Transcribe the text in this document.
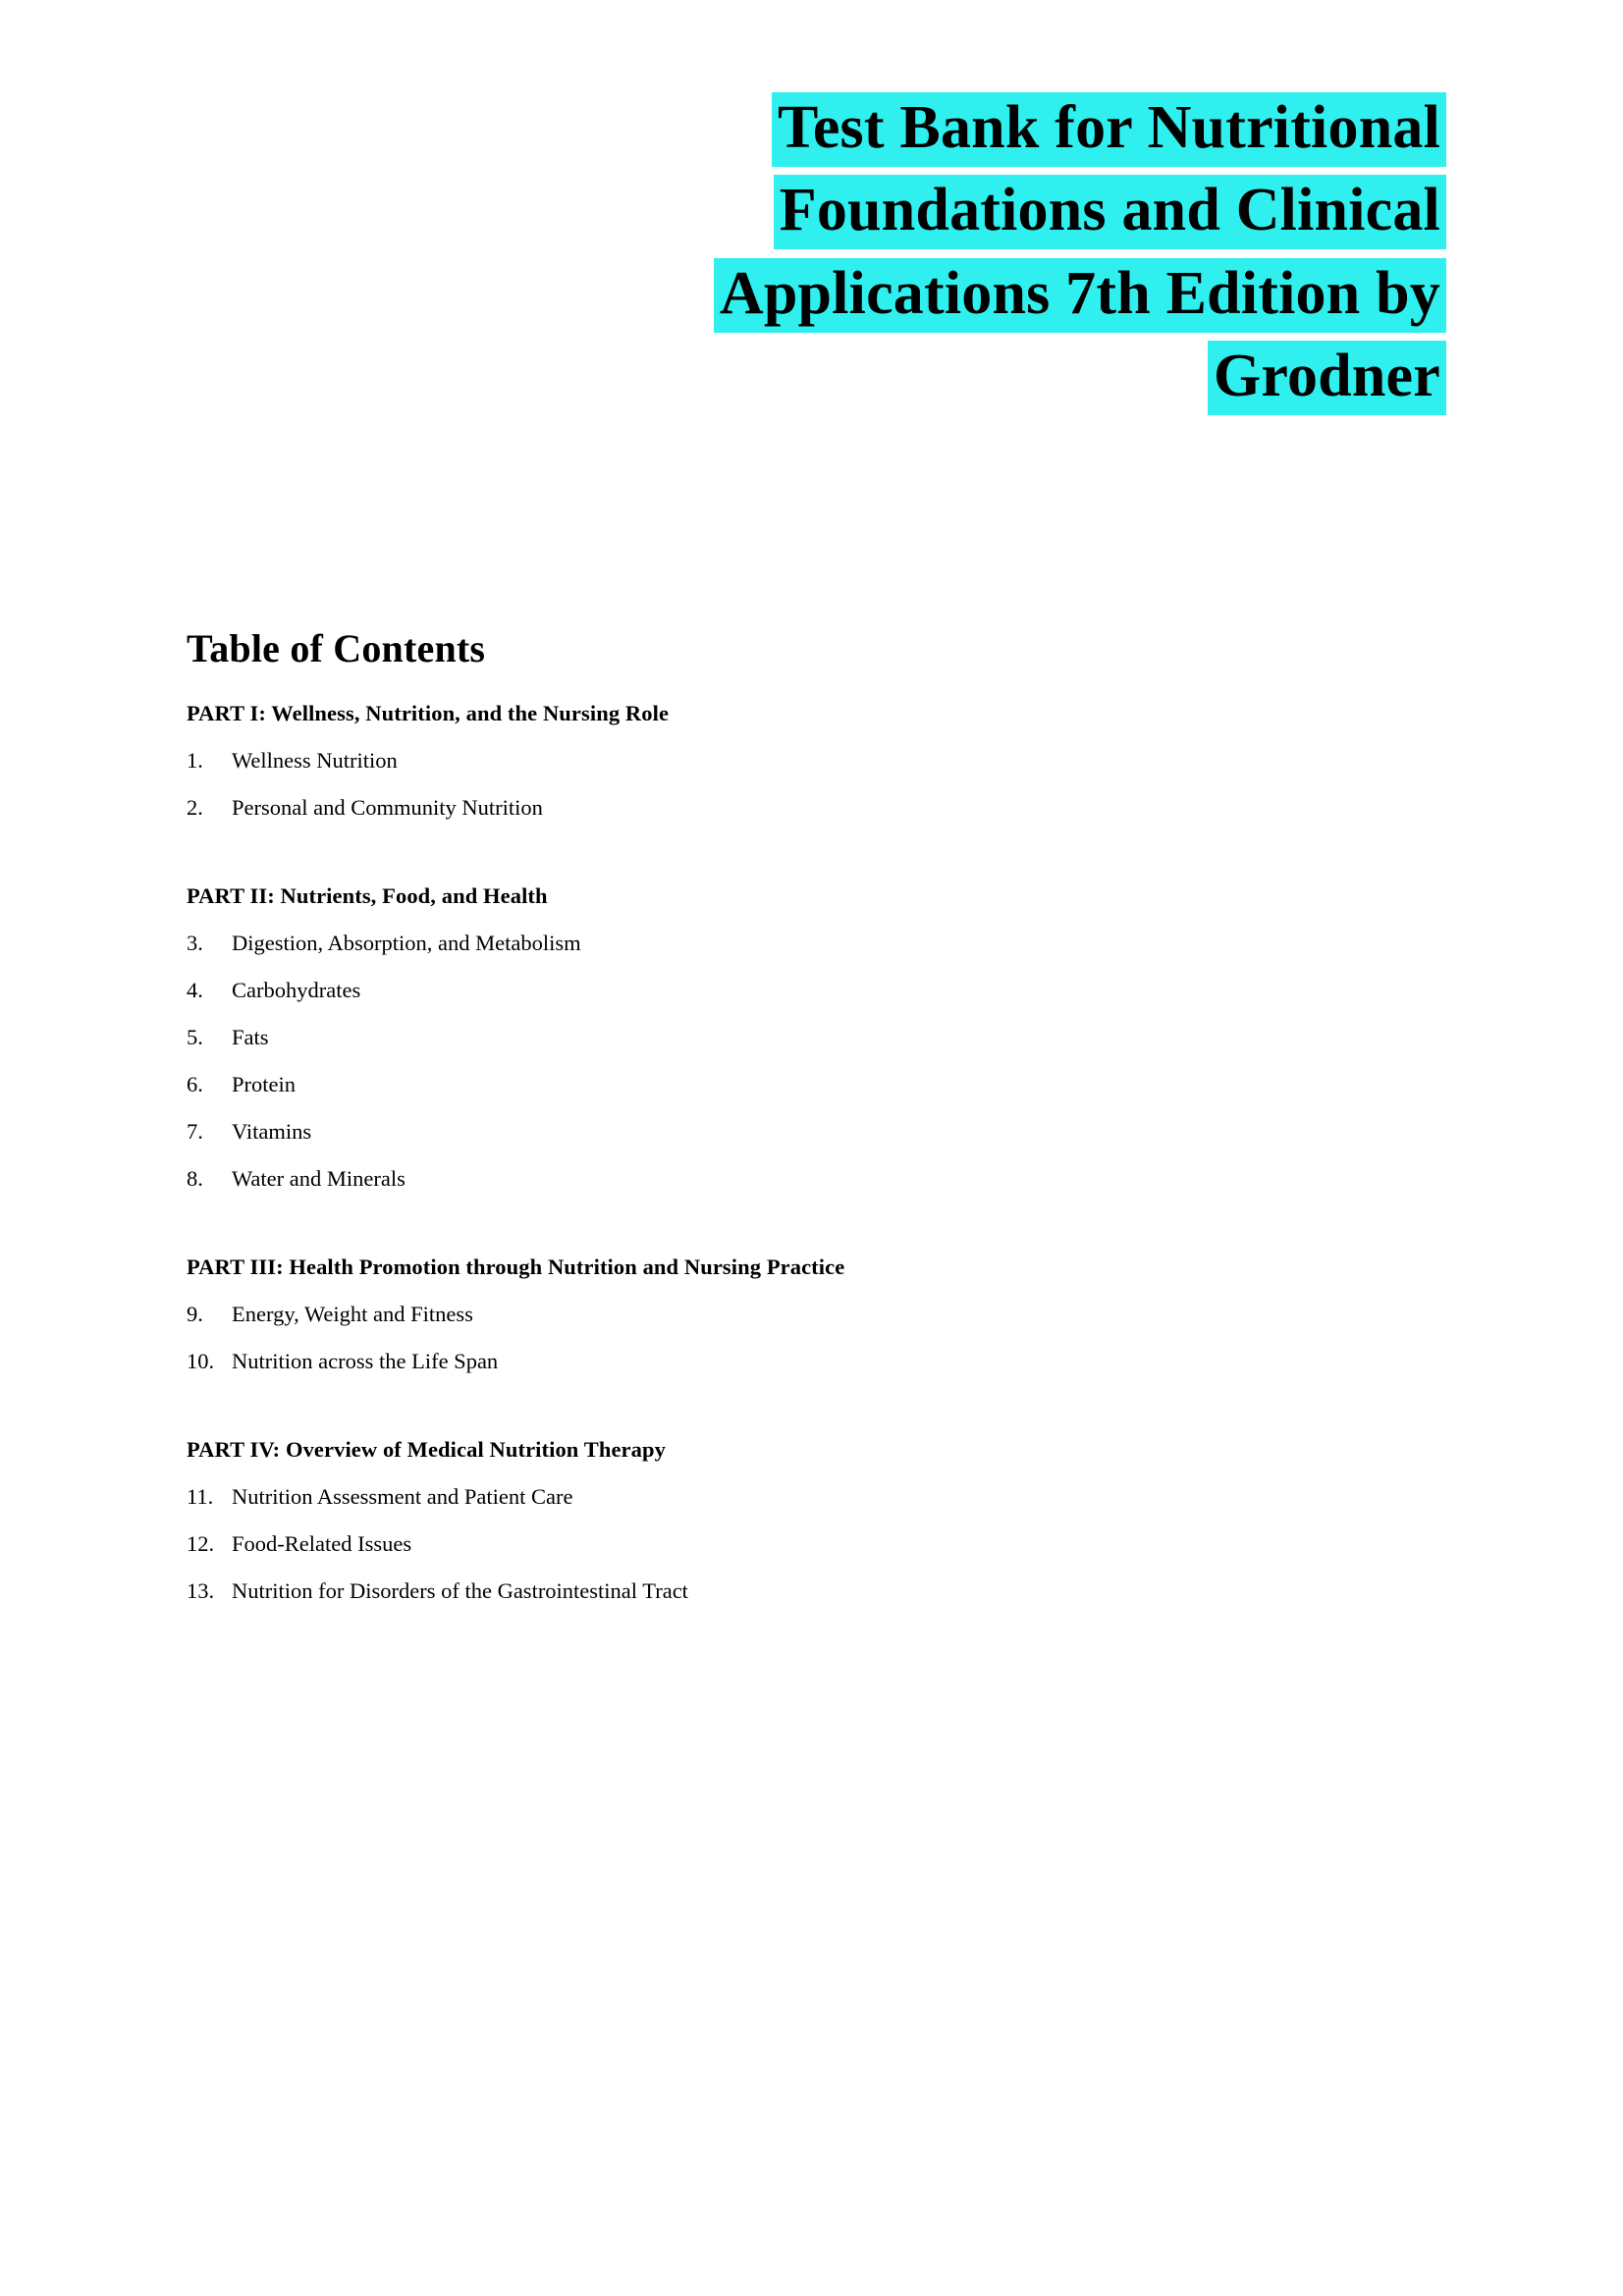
Test Bank for Nutritional
Foundations and Clinical
Applications 7th Edition by
Grodner
Table of Contents
PART I: Wellness, Nutrition, and the Nursing Role
1.	Wellness Nutrition
2.	Personal and Community Nutrition
PART II: Nutrients, Food, and Health
3.	Digestion, Absorption, and Metabolism
4.	Carbohydrates
5.	Fats
6.	Protein
7.	Vitamins
8.	Water and Minerals
PART III: Health Promotion through Nutrition and Nursing Practice
9.	Energy, Weight and Fitness
10. Nutrition across the Life Span
PART IV: Overview of Medical Nutrition Therapy
11. Nutrition Assessment and Patient Care
12. Food-Related Issues
13. Nutrition for Disorders of the Gastrointestinal Tract
